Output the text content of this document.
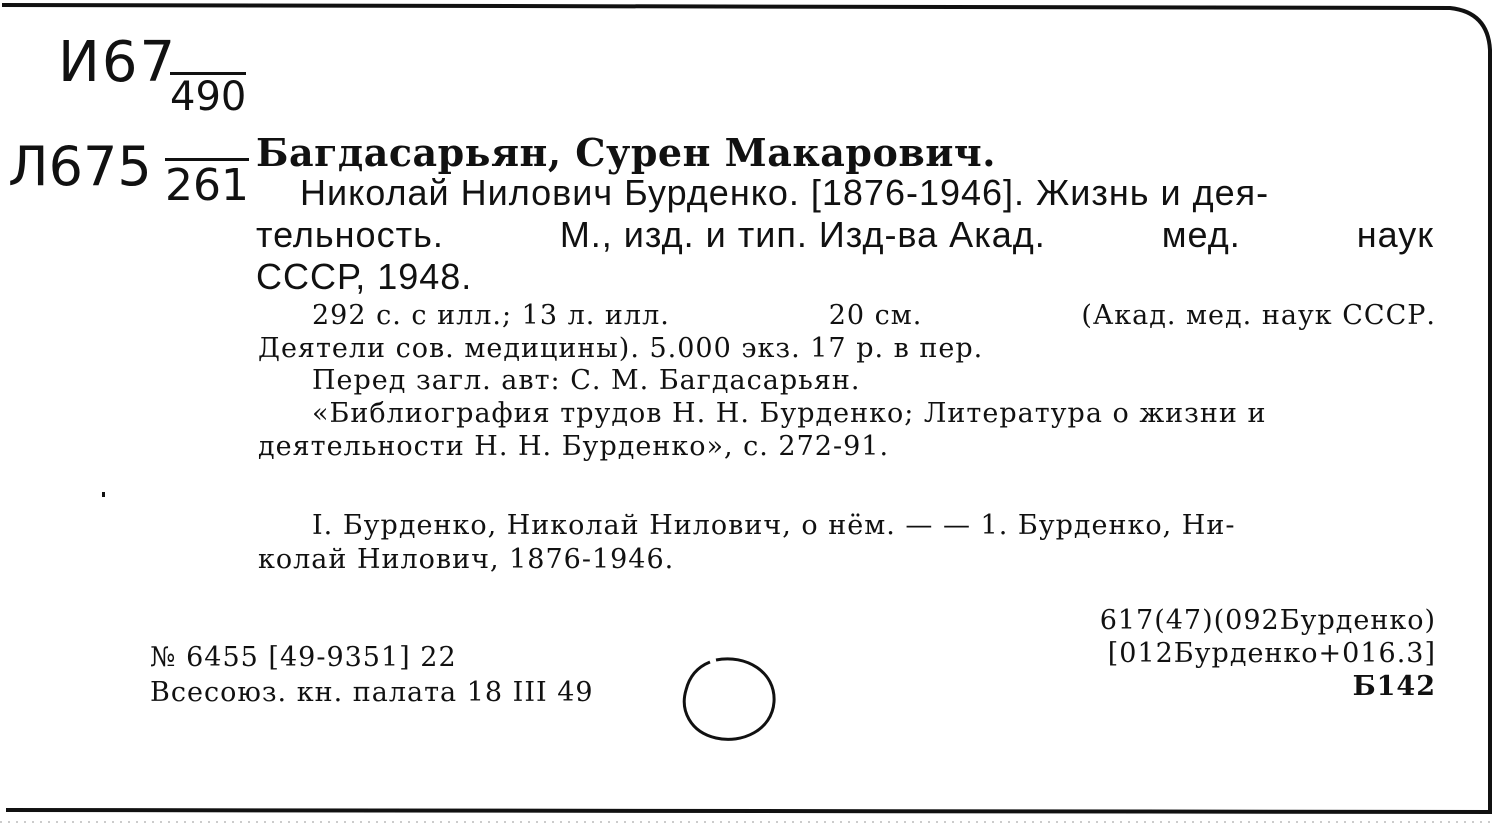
И67
490
Л675 261
Багдасарьян, Сурен Макарович.
Николай Нилович Бурденко. [1876-1946]. Жизнь и дея-
тельность.	М., изд. и тип. Изд-ва Акад.	мед.	наук
СССР, 1948.
292 с. с илл.; 13 л. илл.	20 см.	(Акад. мед. наук СССР.
Деятели сов. медицины). 5.000 экз. 17 р. в пер.
Перед загл. авт: С. М. Багдасарьян.
«Библиография трудов Н. Н. Бурденко; Литература о жизни и
деятельности Н. Н. Бурденко», с. 272-91.
I. Бурденко, Николай Нилович, о нём. — — 1. Бурденко, Ни-
колай Нилович, 1876-1946.
№ 6455 [49-9351] 22
Всесоюз. кн. палата 18 III 49
617(47)(092Бурденко)
[012Бурденко+016.3]
Б142
